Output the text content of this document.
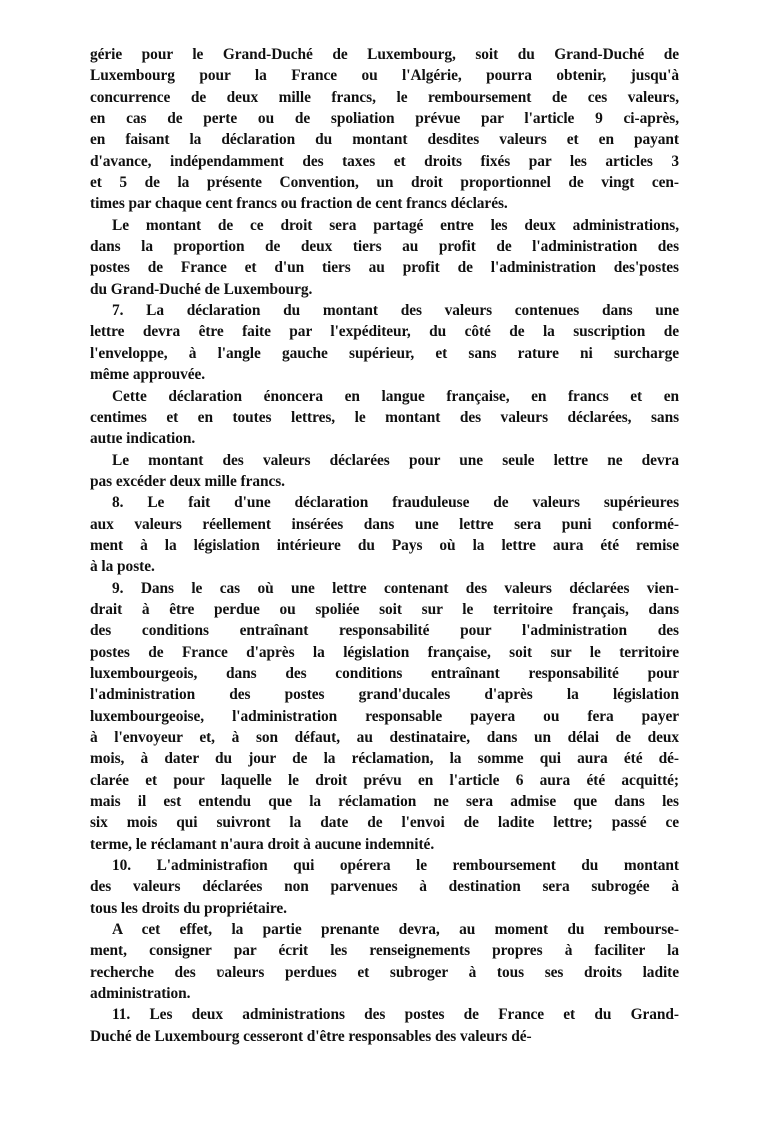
gérie pour le Grand-Duché de Luxembourg, soit du Grand-Duché de
Luxembourg pour la France ou l'Algérie, pourra obtenir, jusqu'à
concurrence de deux mille francs, le remboursement de ces valeurs,
en cas de perte ou de spoliation prévue par l'article 9 ci-après,
en faisant la déclaration du montant desdites valeurs et en payant
d'avance, indépendamment des taxes et droits fixés par les articles 3
et 5 de la présente Convention, un droit proportionnel de vingt cen-
times par chaque cent francs ou fraction de cent francs déclarés.
Le montant de ce droit sera partagé entre les deux administrations,
dans la proportion de deux tiers au profit de l'administration des
postes de France et d'un tiers au profit de l'administration des'postes
du Grand-Duché de Luxembourg.
7. La déclaration du montant des valeurs contenues dans une
lettre devra être faite par l'expéditeur, du côté de la suscription de
l'enveloppe, à l'angle gauche supérieur, et sans rature ni surcharge
même approuvée.
Cette déclaration énoncera en langue française, en francs et en
centimes et en toutes lettres, le montant des valeurs déclarées, sans
autɪe indication.
Le montant des valeurs déclarées pour une seule lettre ne devra
pas excéder deux mille francs.
8. Le fait d'une déclaration frauduleuse de valeurs supérieures
aux valeurs réellement insérées dans une lettre sera puni conformé-
ment à la législation intérieure du Pays où la lettre aura été remise
à la poste.
9. Dans le cas où une lettre contenant des valeurs déclarées vien-
drait à être perdue ou spoliée soit sur le territoire français, dans
des conditions entraînant responsabilité pour l'administration des
postes de France d'après la législation française, soit sur le territoire
luxembourgeois, dans des conditions entraînant responsabilité pour
l'administration des postes grand'ducales d'après la législation
luxembourgeoise, l'administration responsable payera ou fera payer
à l'envoyeur et, à son défaut, au destinataire, dans un délai de deux
mois, à dater du jour de la réclamation, la somme qui aura été dé-
clarée et pour laquelle le droit prévu en l'article 6 aura été acquitté;
mais il est entendu que la réclamation ne sera admise que dans les
six mois qui suivront la date de l'envoi de ladite lettre; passé ce
terme, le réclamant n'aura droit à aucune indemnité.
10. L'administrafion qui opérera le remboursement du montant
des valeurs déclarées non parvenues à destination sera subrogée à
tous les droits du propriétaire.
A cet effet, la partie prenante devra, au moment du rembourse-
ment, consigner par écrit les renseignements propres à faciliter la
recherche des ʋaleurs perdues et subroger à tous ses droits ladite
administration.
11. Les deux administrations des postes de France et du Grand-
Duché de Luxembourg cesseront d'être responsables des valeurs dé-
